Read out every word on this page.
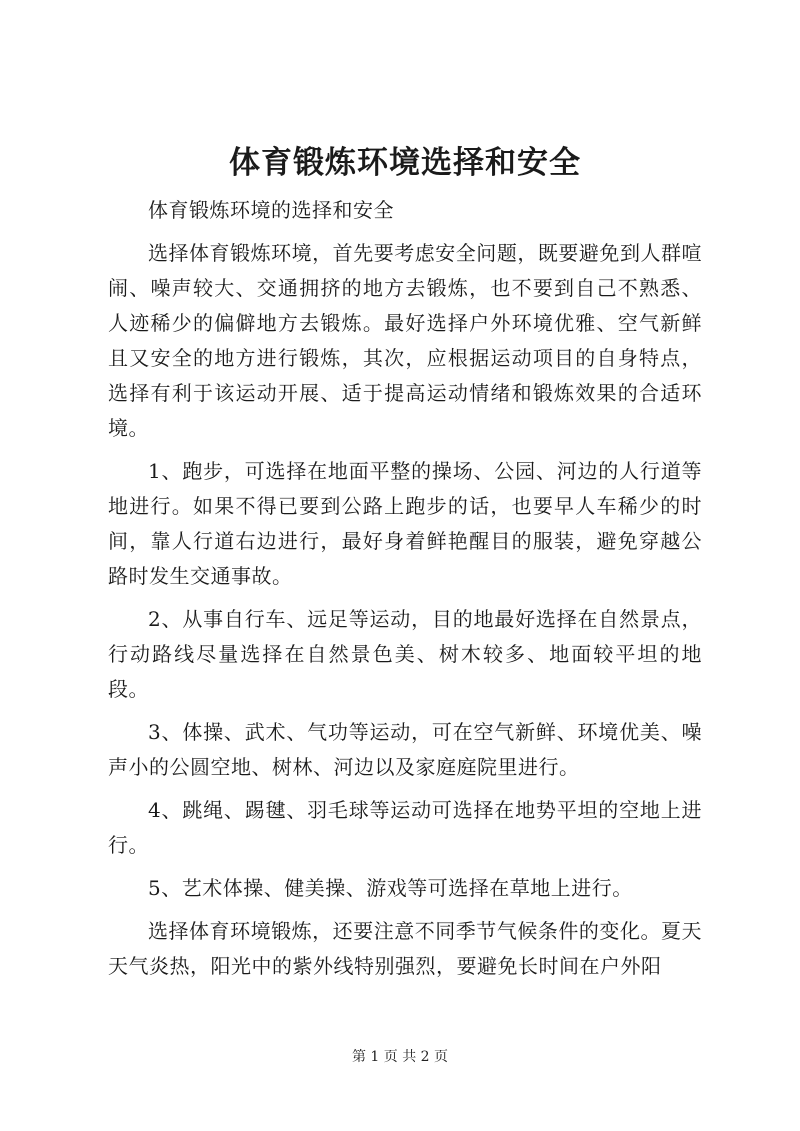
体育锻炼环境选择和安全

体育锻炼环境的选择和安全

选择体育锻炼环境，首先要考虑安全问题，既要避免到人群喧闹、噪声较大、交通拥挤的地方去锻炼，也不要到自己不熟悉、人迹稀少的偏僻地方去锻炼。最好选择户外环境优雅、空气新鲜且又安全的地方进行锻炼，其次，应根据运动项目的自身特点，选择有利于该运动开展、适于提高运动情绪和锻炼效果的合适环境。

1、跑步，可选择在地面平整的操场、公园、河边的人行道等地进行。如果不得已要到公路上跑步的话，也要早人车稀少的时间，靠人行道右边进行，最好身着鲜艳醒目的服装，避免穿越公路时发生交通事故。

2、从事自行车、远足等运动，目的地最好选择在自然景点，行动路线尽量选择在自然景色美、树木较多、地面较平坦的地段。

3、体操、武术、气功等运动，可在空气新鲜、环境优美、噪声小的公圆空地、树林、河边以及家庭庭院里进行。

4、跳绳、踢毽、羽毛球等运动可选择在地势平坦的空地上进行。

5、艺术体操、健美操、游戏等可选择在草地上进行。

选择体育环境锻炼，还要注意不同季节气候条件的变化。夏天天气炎热，阳光中的紫外线特别强烈，要避免长时间在户外阳

第 1 页 共 2 页
